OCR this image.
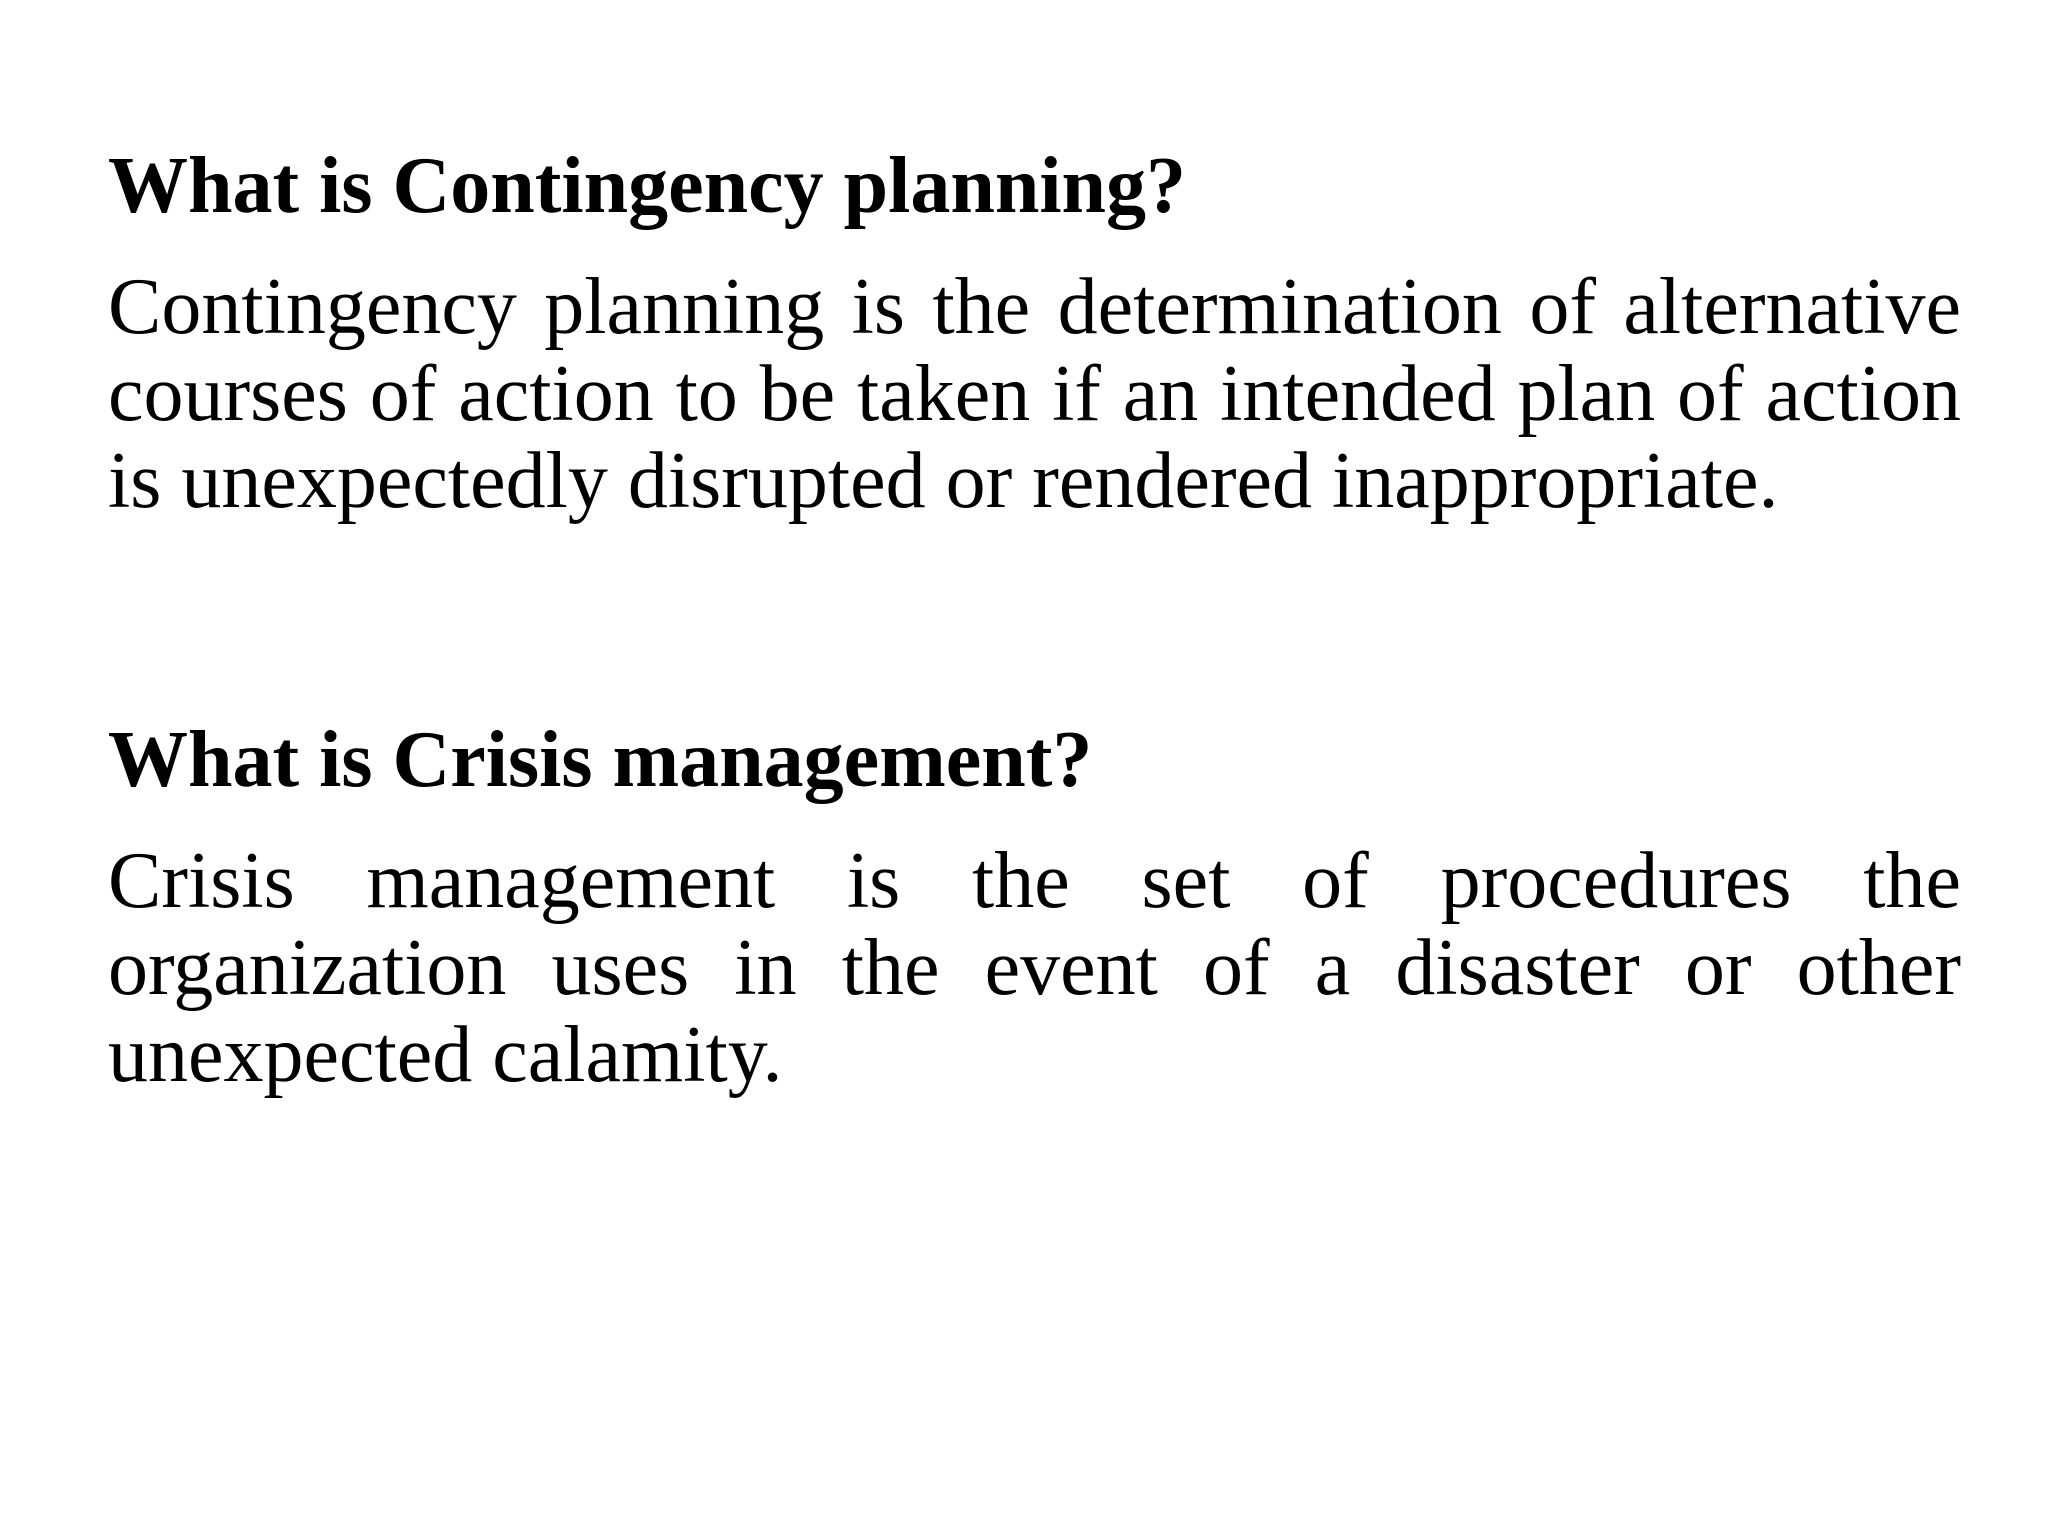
What is Contingency planning?

Contingency planning is the determination of alternative courses of action to be taken if an intended plan of action is unexpectedly disrupted or rendered inappropriate.

What is Crisis management?

Crisis management is the set of procedures the organization uses in the event of a disaster or other unexpected calamity.
